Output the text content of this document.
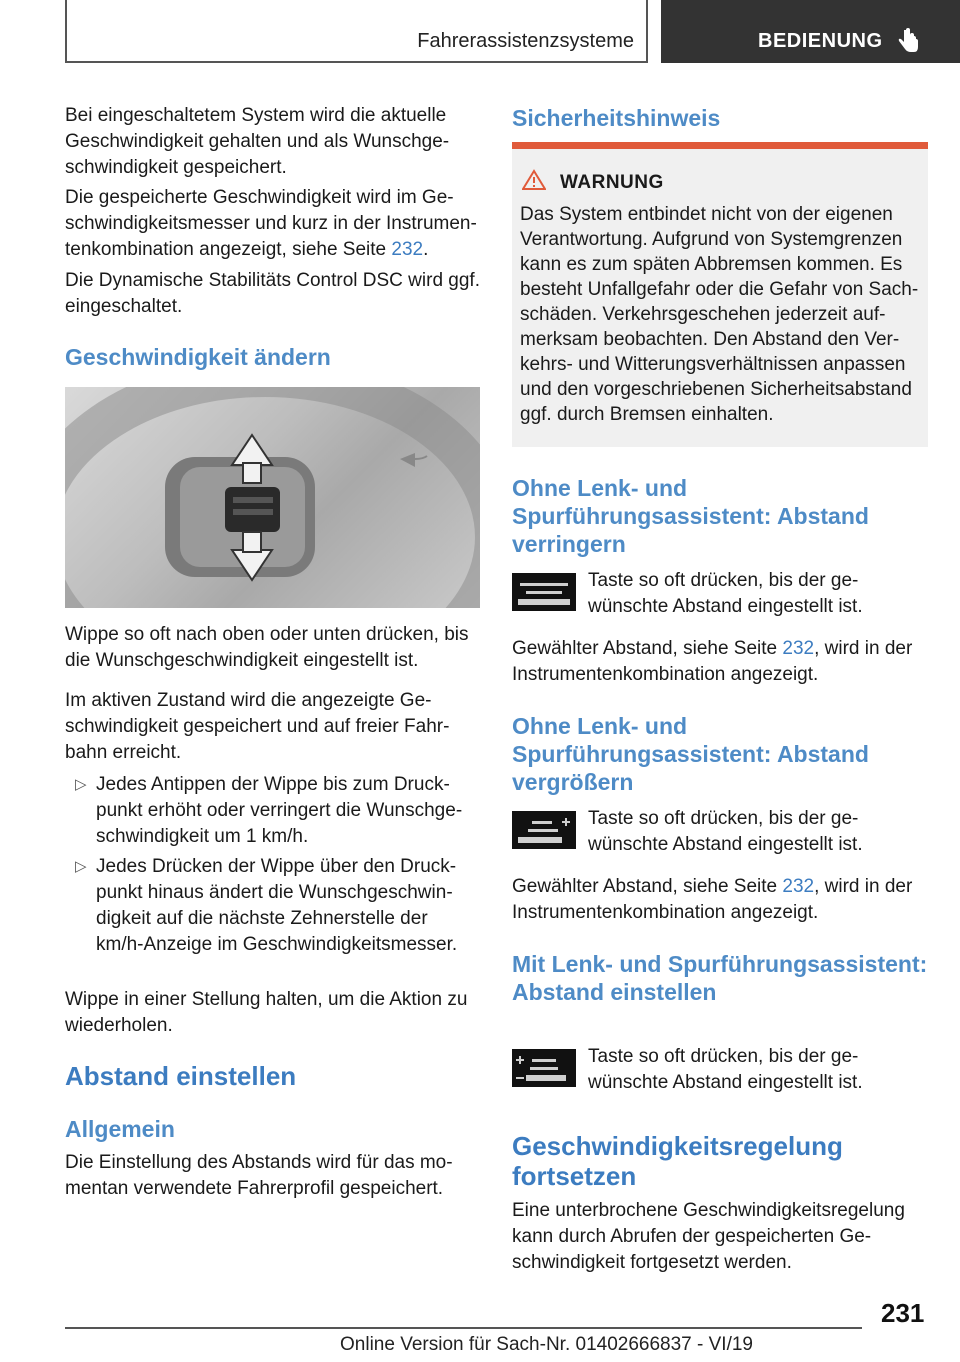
Fahrerassistenzsysteme	BEDIENUNG

Bei eingeschaltetem System wird die aktuelle Geschwindigkeit gehalten und als Wunschgeschwindigkeit gespeichert.

Die gespeicherte Geschwindigkeit wird im Geschwindigkeitsmesser und kurz in der Instrumentenkombination angezeigt, siehe Seite 232.

Die Dynamische Stabilitäts Control DSC wird ggf. eingeschaltet.

Geschwindigkeit ändern

Wippe so oft nach oben oder unten drücken, bis die Wunschgeschwindigkeit eingestellt ist.

Im aktiven Zustand wird die angezeigte Geschwindigkeit gespeichert und auf freier Fahrbahn erreicht.

▷ Jedes Antippen der Wippe bis zum Druckpunkt erhöht oder verringert die Wunschgeschwindigkeit um 1 km/h.

▷ Jedes Drücken der Wippe über den Druckpunkt hinaus ändert die Wunschgeschwindigkeit auf die nächste Zehnerstelle der km/h-Anzeige im Geschwindigkeitsmesser.

Wippe in einer Stellung halten, um die Aktion zu wiederholen.

Abstand einstellen
Allgemein

Die Einstellung des Abstands wird für das momentan verwendete Fahrerprofil gespeichert.

Sicherheitshinweis
WARNUNG
Das System entbindet nicht von der eigenen Verantwortung. Aufgrund von Systemgrenzen kann es zum späten Abbremsen kommen. Es besteht Unfallgefahr oder die Gefahr von Sachschäden. Verkehrsgeschehen jederzeit aufmerksam beobachten. Den Abstand den Verkehrs- und Witterungsverhältnissen anpassen und den vorgeschriebenen Sicherheitsabstand ggf. durch Bremsen einhalten.
Ohne Lenk- und Spurführungsassistent: Abstand verringern

Taste so oft drücken, bis der gewünschte Abstand eingestellt ist.

Gewählter Abstand, siehe Seite 232, wird in der Instrumentenkombination angezeigt.

Ohne Lenk- und Spurführungsassistent: Abstand vergrößern

Taste so oft drücken, bis der gewünschte Abstand eingestellt ist.

Gewählter Abstand, siehe Seite 232, wird in der Instrumentenkombination angezeigt.

Mit Lenk- und Spurführungsassistent: Abstand einstellen

Taste so oft drücken, bis der gewünschte Abstand eingestellt ist.

Geschwindigkeitsregelung fortsetzen

Eine unterbrochene Geschwindigkeitsregelung kann durch Abrufen der gespeicherten Geschwindigkeit fortgesetzt werden.

231
Online Version für Sach-Nr. 01402666837 - VI/19
